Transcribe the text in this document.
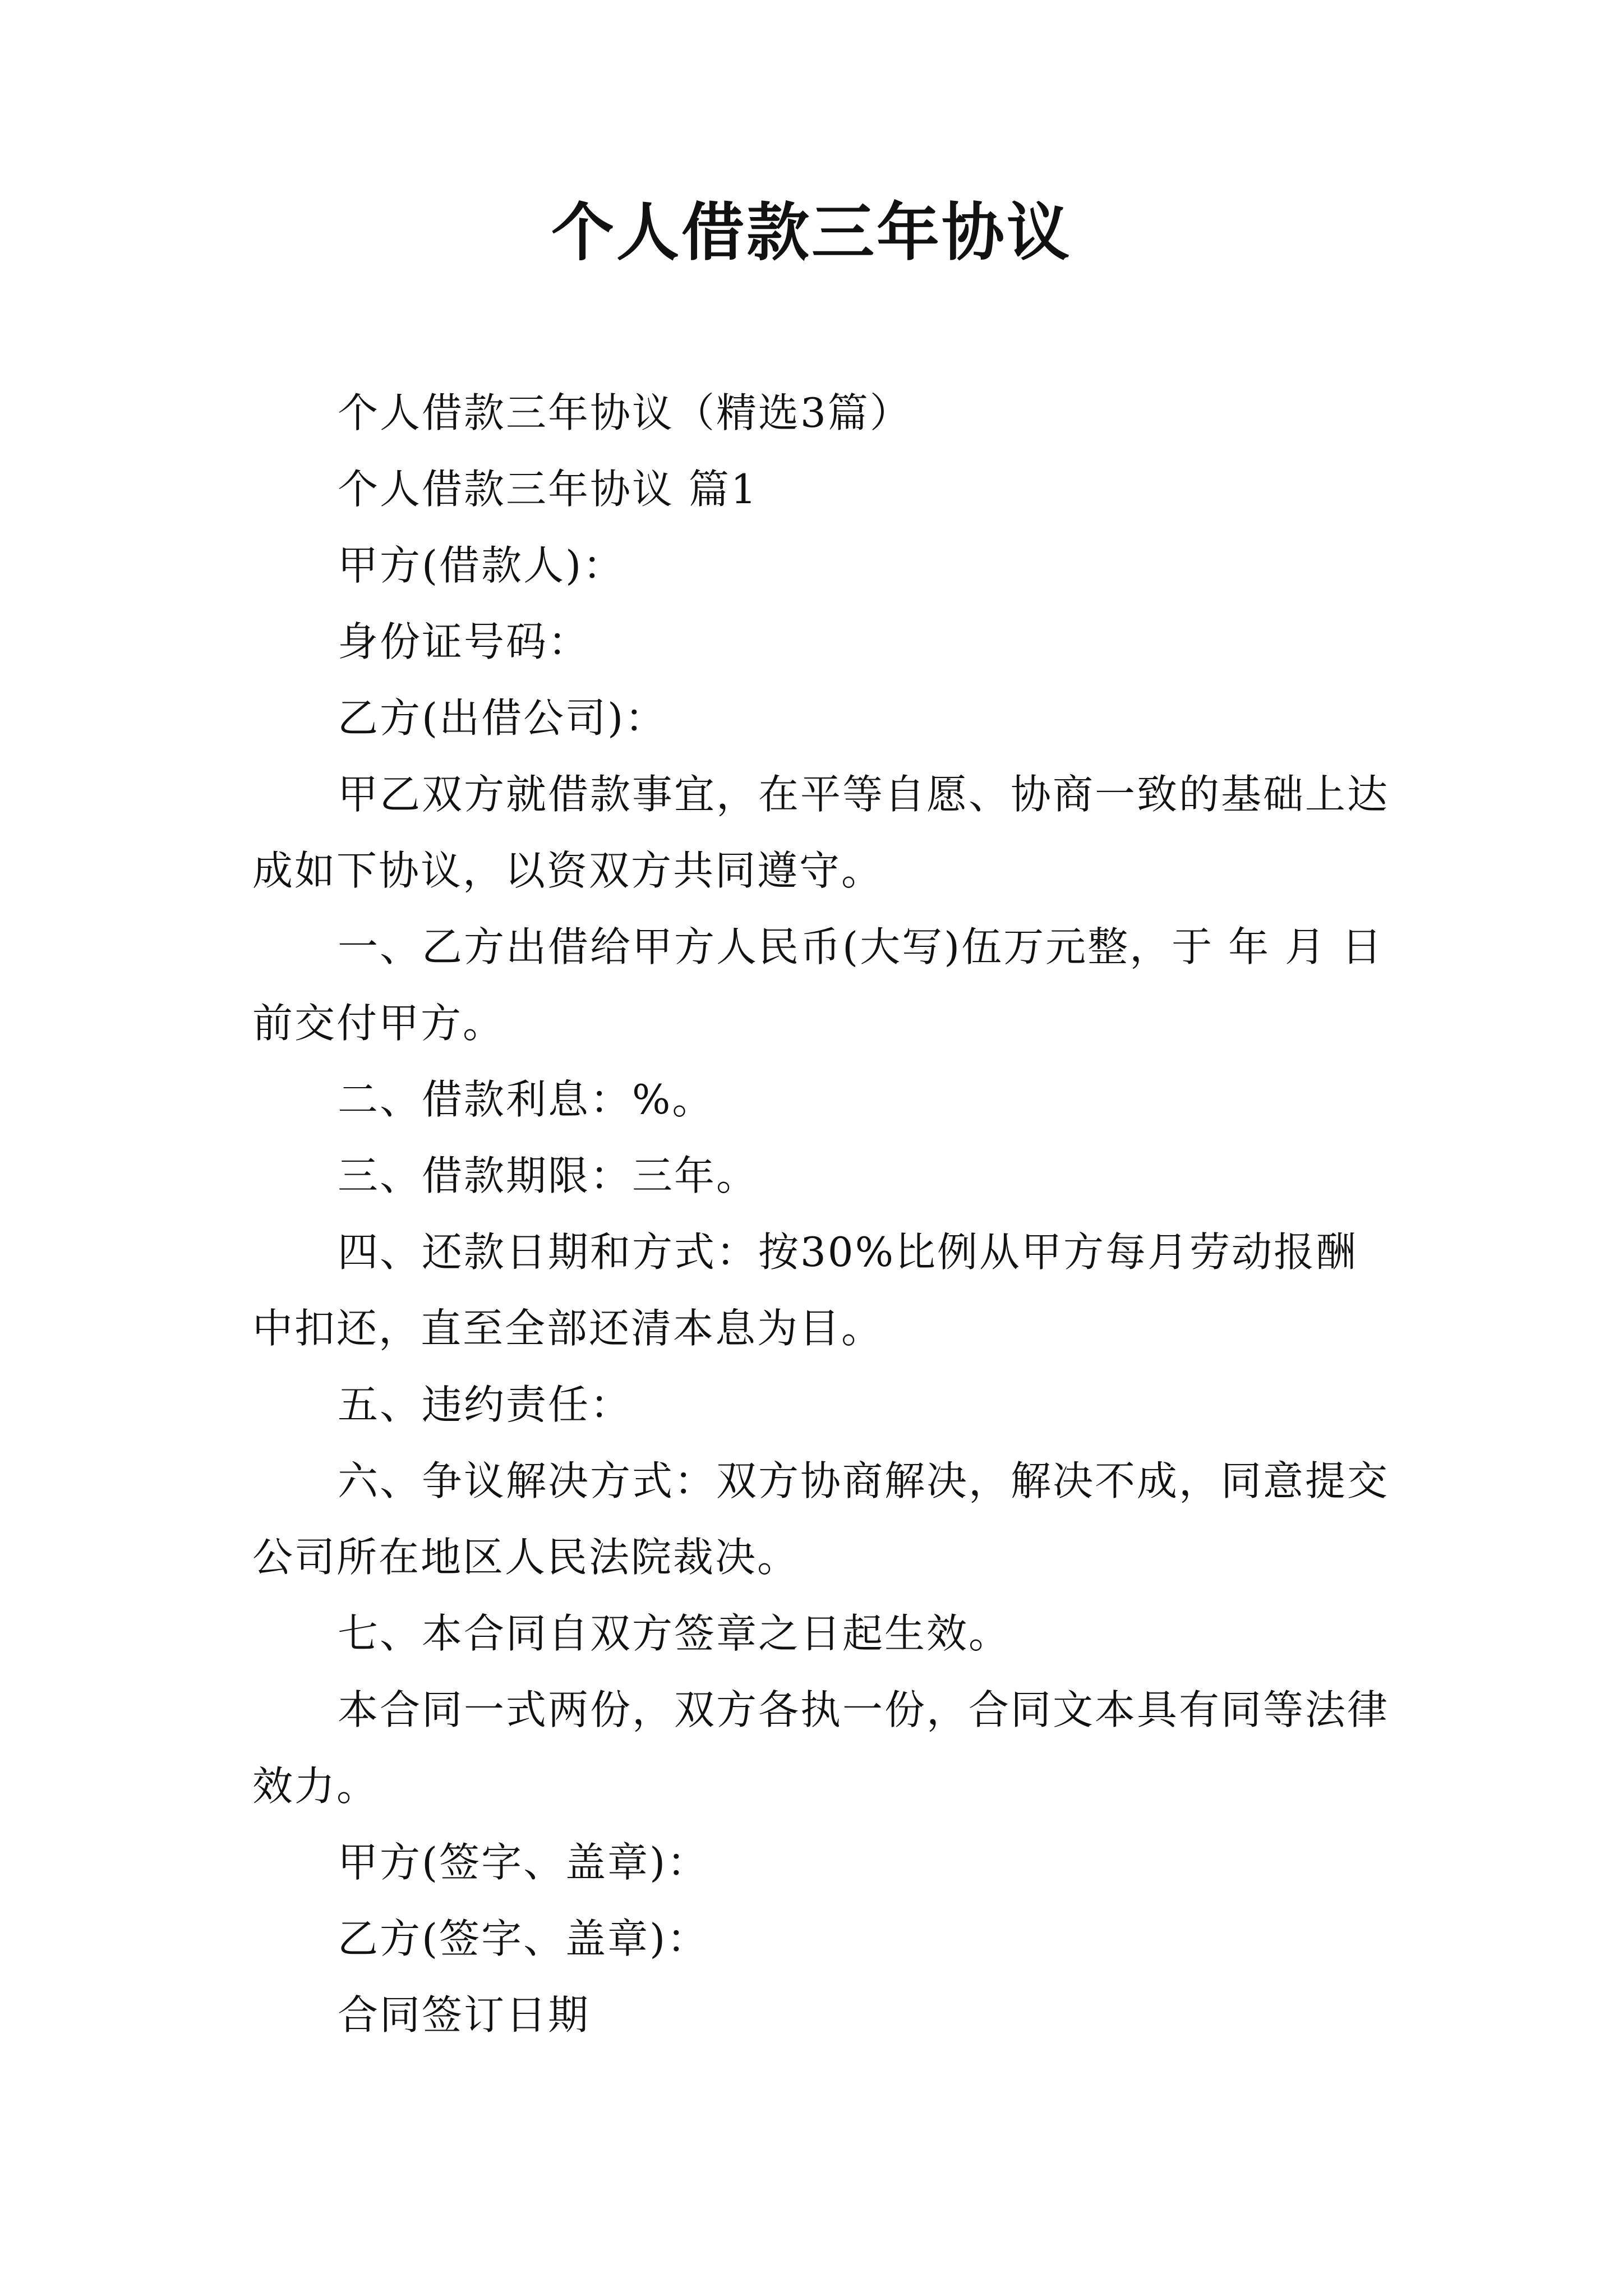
个人借款三年协议

个人借款三年协议（精选3篇）

个人借款三年协议 篇1

甲方(借款人)：

身份证号码：

乙方(出借公司)：

甲乙双方就借款事宜，在平等自愿、协商一致的基础上达成如下协议，以资双方共同遵守。

一、乙方出借给甲方人民币(大写)伍万元整，于 年 月 日前交付甲方。

二、借款利息：%。

三、借款期限：三年。

四、还款日期和方式：按30%比例从甲方每月劳动报酬中扣还，直至全部还清本息为目。

五、违约责任：

六、争议解决方式：双方协商解决，解决不成，同意提交公司所在地区人民法院裁决。

七、本合同自双方签章之日起生效。

本合同一式两份，双方各执一份，合同文本具有同等法律效力。

甲方(签字、盖章)：

乙方(签字、盖章)：

合同签订日期
